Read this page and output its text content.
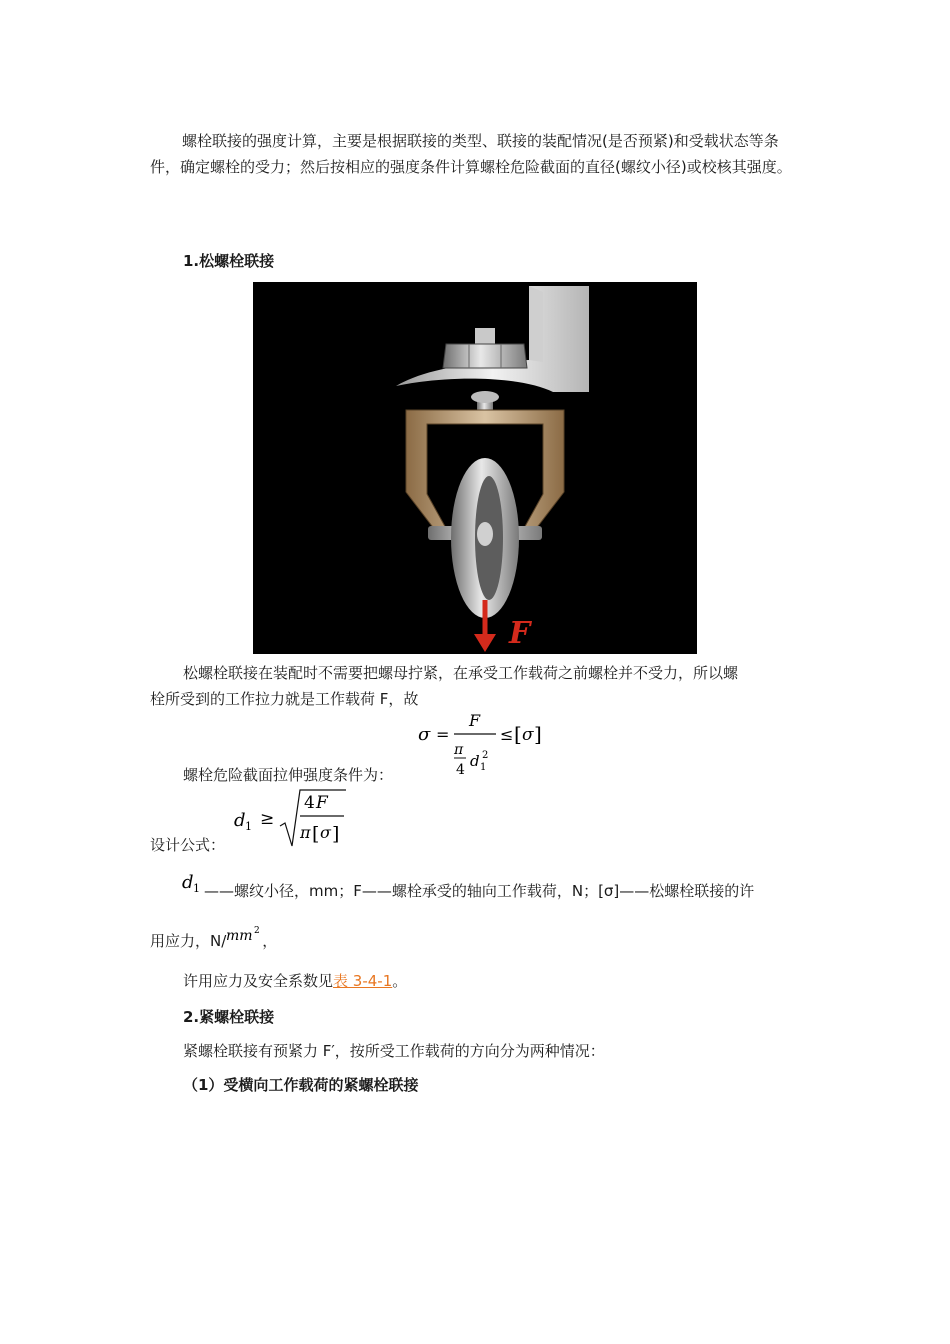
螺栓联接的强度计算，主要是根据联接的类型、联接的装配情况(是否预紧)和受载状态等条件，确定螺栓的受力；然后按相应的强度条件计算螺栓危险截面的直径(螺纹小径)或校核其强度。
1.松螺栓联接
F
松螺栓联接在装配时不需要把螺母拧紧，在承受工作载荷之前螺栓并不受力，所以螺
栓所受到的工作拉力就是工作载荷 F，故
σ =
F
π
4 d 1
2
≤ [ σ ]
螺栓危险截面拉伸强度条件为：
设计公式：
d 1 ≥
4 F
π [ σ ]
d 1 ——螺纹小径，mm；F——螺栓承受的轴向工作载荷，N；[σ]——松螺栓联接的许
用应力，N/ mm 2
，
许用应力及安全系数见表 3-4-1。
2.紧螺栓联接
紧螺栓联接有预紧力 F′，按所受工作载荷的方向分为两种情况：
（1）受横向工作载荷的紧螺栓联接
